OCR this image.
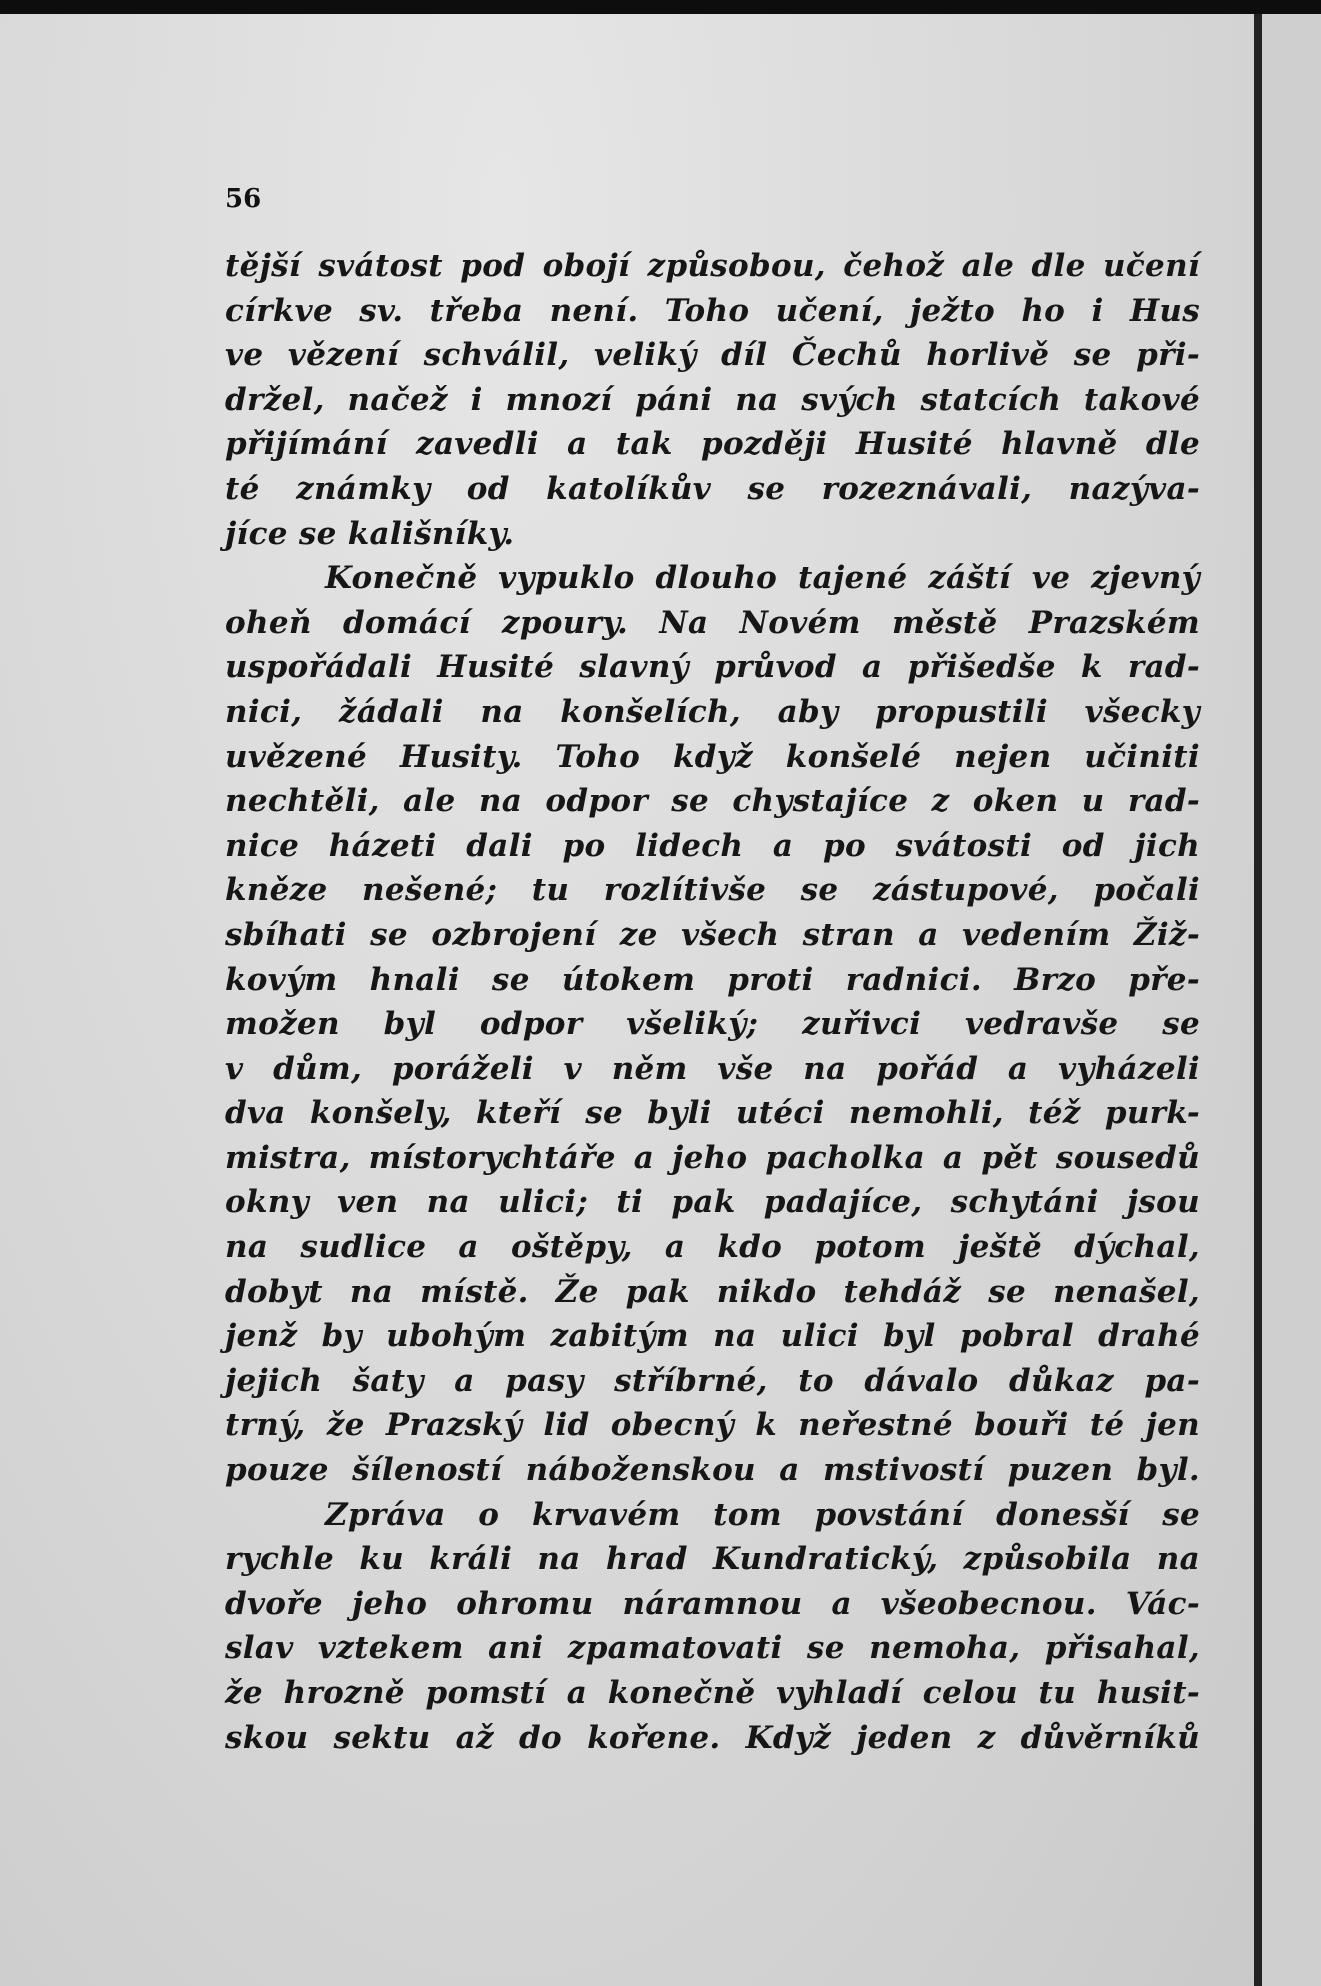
56
tější svátost pod obojí způsobou, čehož ale dle učení
církve sv. třeba není. Toho učení, ježto ho i Hus
ve vězení schválil, veliký díl Čechů horlivě se při-
držel, načež i mnozí páni na svých statcích takové
přijímání zavedli a tak později Husité hlavně dle
té známky od katolíkův se rozeznávali, nazýva-
jíce se kališníky.
Konečně vypuklo dlouho tajené záští ve zjevný
oheň domácí zpoury. Na Novém městě Prazském
uspořádali Husité slavný průvod a přišedše k rad-
nici, žádali na konšelích, aby propustili všecky
uvězené Husity. Toho když konšelé nejen učiniti
nechtěli, ale na odpor se chystajíce z oken u rad-
nice házeti dali po lidech a po svátosti od jich
kněze nešené; tu rozlítivše se zástupové, počali
sbíhati se ozbrojení ze všech stran a vedením Žiž-
kovým hnali se útokem proti radnici. Brzo pře-
možen byl odpor všeliký; zuřivci vedravše se
v dům, poráželi v něm vše na pořád a vyházeli
dva konšely, kteří se byli utéci nemohli, též purk-
mistra, místorychtáře a jeho pacholka a pět sousedů
okny ven na ulici; ti pak padajíce, schytáni jsou
na sudlice a oštěpy, a kdo potom ještě dýchal,
dobyt na místě. Že pak nikdo tehdáž se nenašel,
jenž by ubohým zabitým na ulici byl pobral drahé
jejich šaty a pasy stříbrné, to dávalo důkaz pa-
trný, že Prazský lid obecný k neřestné bouři té jen
pouze šíleností náboženskou a mstivostí puzen byl.
Zpráva o krvavém tom povstání donesší se
rychle ku králi na hrad Kundratický, způsobila na
dvoře jeho ohromu náramnou a všeobecnou. Vác-
slav vztekem ani zpamatovati se nemoha, přisahal,
že hrozně pomstí a konečně vyhladí celou tu husit-
skou sektu až do kořene. Když jeden z důvěrníků
